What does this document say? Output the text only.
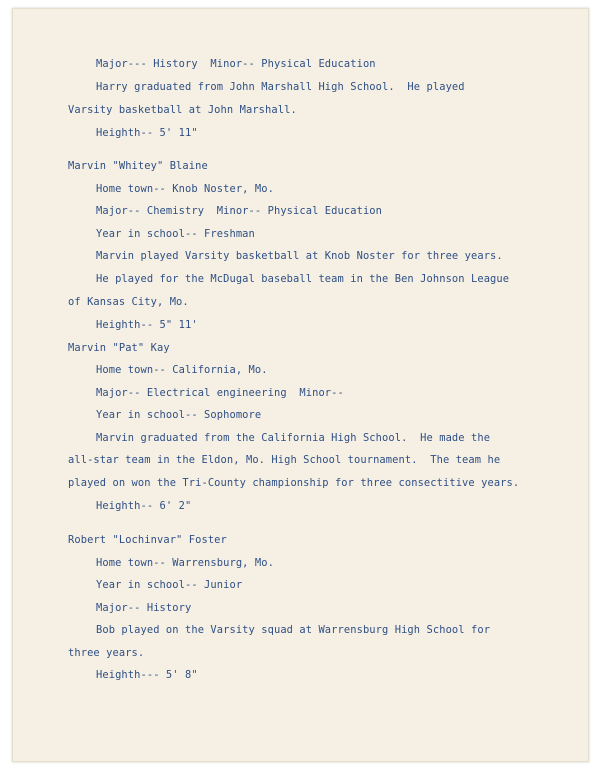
Major--- History  Minor-- Physical Education
Harry graduated from John Marshall High School.  He played
Varsity basketball at John Marshall.
Heighth-- 5' 11"
Marvin "Whitey" Blaine
Home town-- Knob Noster, Mo.
Major-- Chemistry  Minor-- Physical Education
Year in school-- Freshman
Marvin played Varsity basketball at Knob Noster for three years.
He played for the McDugal baseball team in the Ben Johnson League
of Kansas City, Mo.
Heighth-- 5" 11'
Marvin "Pat" Kay
Home town-- California, Mo.
Major-- Electrical engineering  Minor--
Year in school-- Sophomore
Marvin graduated from the California High School.  He made the
all-star team in the Eldon, Mo. High School tournament.  The team he
played on won the Tri-County championship for three consectitive years.
Heighth-- 6' 2"
Robert "Lochinvar" Foster
Home town-- Warrensburg, Mo.
Year in school-- Junior
Major-- History
Bob played on the Varsity squad at Warrensburg High School for
three years.
Heighth--- 5' 8"
